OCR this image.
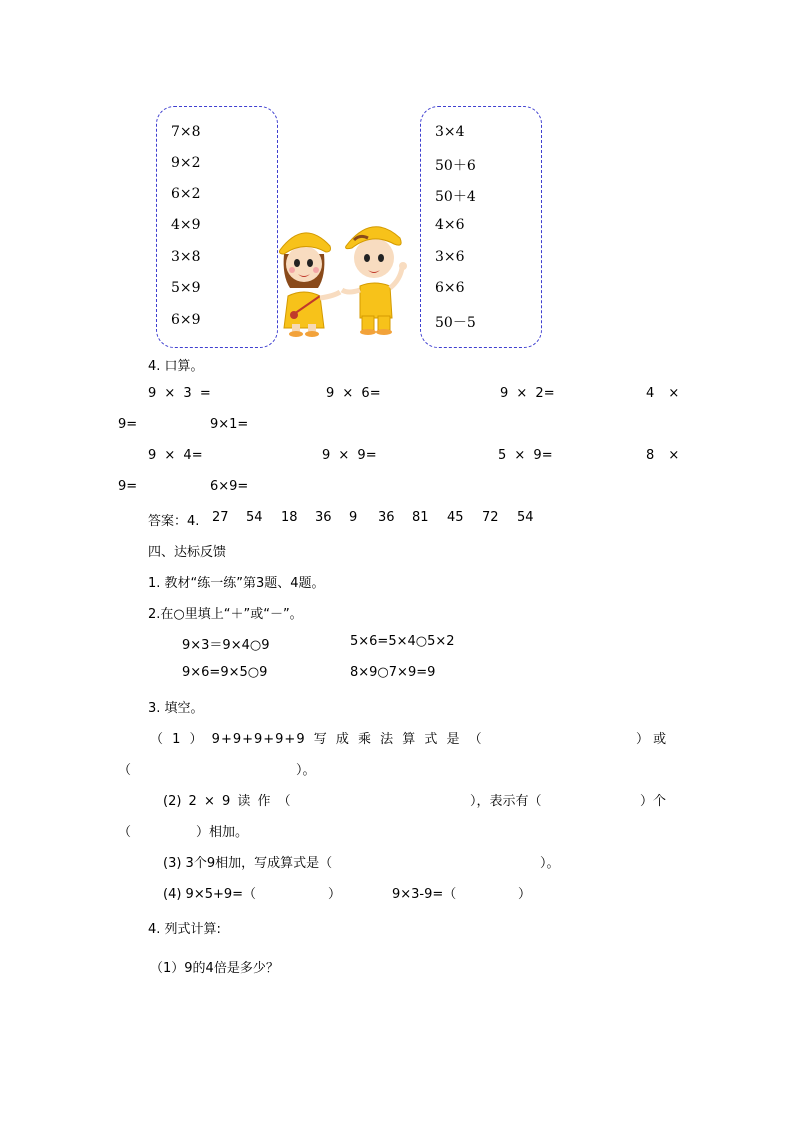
7×8
9×2
6×2
4×9
3×8
5×9
6×9
3×4
50＋6
50＋4
4×6
3×6
6×6
50－5
4. 口算。
9 × 3 =	9 × 6=	9 × 2=	4 ×
9=	9×1=
9 × 4=	9 × 9=	5 × 9=	8 ×
9=	6×9=
答案：4. 27 54 18 36 9 36 81 45 72 54
四、达标反馈
1. 教材“练一练”第3题、4题。
2.在○里填上“＋”或“－”。
9×3＝9×4○9	5×6=5×4○5×2
9×6=9×5○9	8×9○7×9=9
3. 填空。
（ 1 ） 9+9+9+9+9 写 成 乘 法 算 式 是 （	） 或
（	）。
(2) 2 × 9 读 作 （	），表示有（	）个
（	）相加。
(3) 3个9相加，写成算式是（	）。
(4) 9×5+9=（	）	9×3-9=（	）
4. 列式计算:
（1）9的4倍是多少？
